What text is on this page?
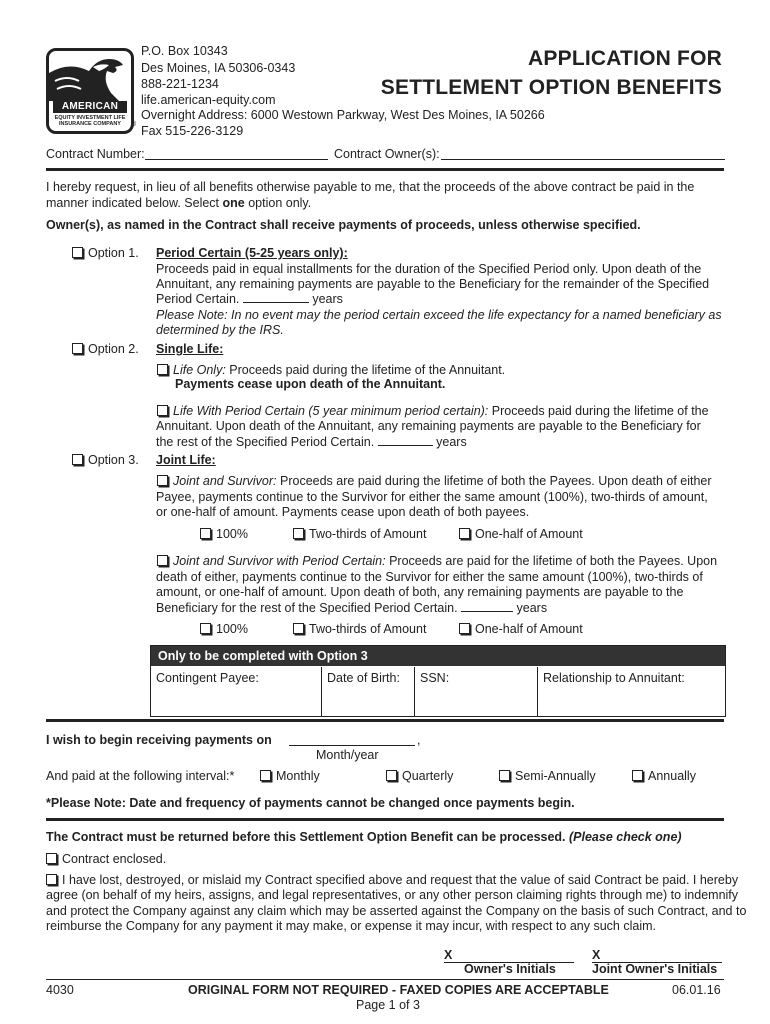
AMERICAN
EQUITY INVESTMENT LIFE
INSURANCE COMPANY	®
P.O. Box 10343
Des Moines, IA 50306-0343
888-221-1234
life.american-equity.com
Overnight Address: 6000 Westown Parkway, West Des Moines, IA 50266
Fax 515-226-3129
APPLICATION FOR
SETTLEMENT OPTION BENEFITS
Contract Number:	Contract Owner(s):
I hereby request, in lieu of all benefits otherwise payable to me, that the proceeds of the above contract be paid in the
manner indicated below. Select one option only.
Owner(s), as named in the Contract shall receive payments of proceeds, unless otherwise specified.
Option 1. Period Certain (5-25 years only):
Proceeds paid in equal installments for the duration of the Specified Period only. Upon death of the
Annuitant, any remaining payments are payable to the Beneficiary for the remainder of the Specified
Period Certain.	years
Please Note: In no event may the period certain exceed the life expectancy for a named beneficiary as
determined by the IRS.
Option 2. Single Life:
Life Only: Proceeds paid during the lifetime of the Annuitant.
Payments cease upon death of the Annuitant.
Life With Period Certain (5 year minimum period certain): Proceeds paid during the lifetime of the
Annuitant. Upon death of the Annuitant, any remaining payments are payable to the Beneficiary for
the rest of the Specified Period Certain.	years
Option 3. Joint Life:
Joint and Survivor: Proceeds are paid during the lifetime of both the Payees. Upon death of either
Payee, payments continue to the Survivor for either the same amount (100%), two-thirds of amount,
or one-half of amount. Payments cease upon death of both payees.
100%	Two-thirds of Amount	One-half of Amount
Joint and Survivor with Period Certain: Proceeds are paid for the lifetime of both the Payees. Upon
death of either, payments continue to the Survivor for either the same amount (100%), two-thirds of
amount, or one-half of amount. Upon death of both, any remaining payments are payable to the
Beneficiary for the rest of the Specified Period Certain.	years
100%	Two-thirds of Amount	One-half of Amount
Only to be completed with Option 3
Contingent Payee:	Date of Birth:	SSN:	Relationship to Annuitant:
I wish to begin receiving payments on	,
Month/year
And paid at the following interval:*	Monthly	Quarterly	Semi-Annually	Annually
*Please Note: Date and frequency of payments cannot be changed once payments begin.
The Contract must be returned before this Settlement Option Benefit can be processed. (Please check one)
Contract enclosed.
I have lost, destroyed, or mislaid my Contract specified above and request that the value of said Contract be paid. I hereby
agree (on behalf of my heirs, assigns, and legal representatives, or any other person claiming rights through me) to indemnify
and protect the Company against any claim which may be asserted against the Company on the basis of such Contract, and to
reimburse the Company for any payment it may make, or expense it may incur, with respect to any such claim.
X
Owner's Initials
X
Joint Owner's Initials
4030	ORIGINAL FORM NOT REQUIRED - FAXED COPIES ARE ACCEPTABLE	06.01.16
Page 1 of 3
